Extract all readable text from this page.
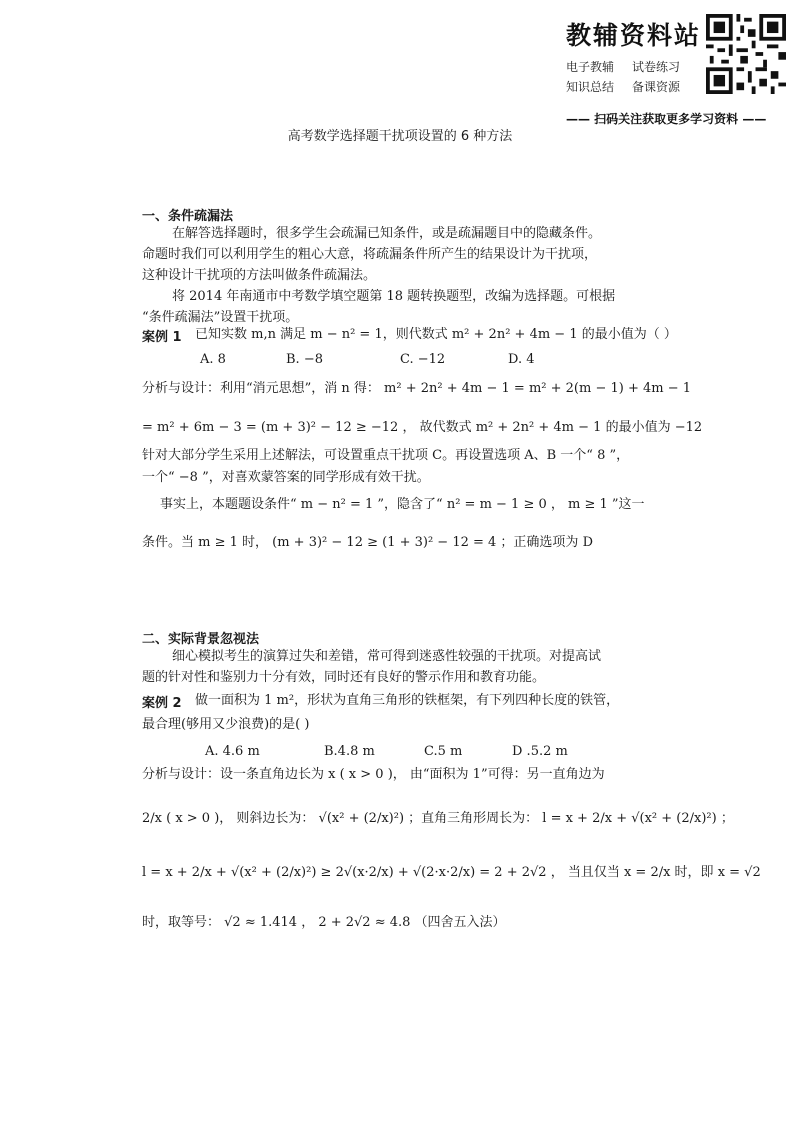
教辅资料站
电子教辅 试卷练习
知识总结 备课资源
—— 扫码关注获取更多学习资料 ——
高考数学选择题干扰项设置的 6 种方法
一、条件疏漏法
在解答选择题时，很多学生会疏漏已知条件，或是疏漏题目中的隐藏条件。
命题时我们可以利用学生的粗心大意，将疏漏条件所产生的结果设计为干扰项，
这种设计干扰项的方法叫做条件疏漏法。
将 2014 年南通市中考数学填空题第 18 题转换题型，改编为选择题。可根据
“条件疏漏法”设置干扰项。
案例 1 已知实数 m,n 满足 m − n² = 1，则代数式 m² + 2n² + 4m − 1 的最小值为（ ）
A. 8	B. −8	C. −12	D. 4
分析与设计：利用“消元思想”，消 n 得： m² + 2n² + 4m − 1 = m² + 2(m − 1) + 4m − 1
= m² + 6m − 3 = (m + 3)² − 12 ≥ −12 ， 故代数式 m² + 2n² + 4m − 1 的最小值为 −12
针对大部分学生采用上述解法，可设置重点干扰项 C。再设置选项 A、B 一个“ 8 ”，
一个“ −8 ”，对喜欢蒙答案的同学形成有效干扰。
事实上，本题题设条件“ m − n² = 1 ”，隐含了“ n² = m − 1 ≥ 0 ， m ≥ 1 ”这一
条件。当 m ≥ 1 时， (m + 3)² − 12 ≥ (1 + 3)² − 12 = 4 ；正确选项为 D
二、实际背景忽视法
细心模拟考生的演算过失和差错，常可得到迷惑性较强的干扰项。对提高试
题的针对性和鉴别力十分有效，同时还有良好的警示作用和教育功能。
案例 2 做一面积为 1 m²，形状为直角三角形的铁框架，有下列四种长度的铁管，
最合理(够用又少浪费)的是( )
A. 4.6 m	B.4.8 m	C.5 m	D .5.2 m
分析与设计：设一条直角边长为 x ( x > 0 )， 由“面积为 1”可得：另一直角边为
2/x ( x > 0 )， 则斜边长为： √(x² + (2/x)²) ；直角三角形周长为： l = x + 2/x + √(x² + (2/x)²) ；
l = x + 2/x + √(x² + (2/x)²) ≥ 2√(x·2/x) + √(2·x·2/x) = 2 + 2√2 ， 当且仅当 x = 2/x 时，即 x = √2
时，取等号： √2 ≈ 1.414 ， 2 + 2√2 ≈ 4.8 （四舍五入法）
